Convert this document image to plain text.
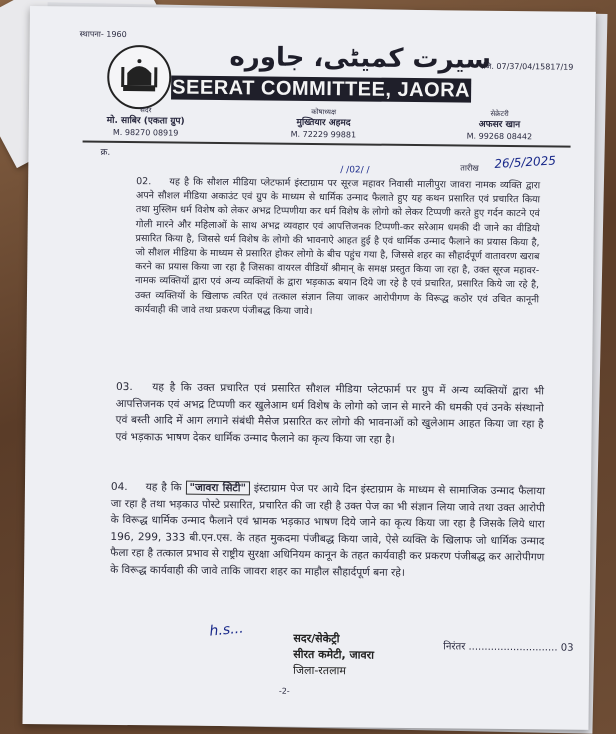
स्थापना- 1960
रजि. 07/37/04/15817/19
سیرت کمیٹی، جاوره
SEERAT COMMITTEE, JAORA
सदर
मो. साबिर (एकता ग्रुप)
M. 98270 08919
कोषाध्यक्ष
मुख्तियार अहमद
M. 72229 99881
सेक्रेटरी
अफसर खान
M. 99268 08442
क्र.
तारीख 26/5/2025
/ /02/ /
02. यह है कि सौशल मीडिया प्लेटफार्म इंस्टाग्राम पर सूरज महावर निवासी मालीपुरा जावरा नामक व्यक्ति द्वारा अपने सौशल मीडिया अकाउंट एवं ग्रुप के माध्यम से धार्मिक उन्माद फैलाते हुए यह कथन प्रसारित एवं प्रचारित किया तथा मुस्लिम धर्म विशेष को लेकर अभद्र टिप्पणीया कर धर्म विशेष के लोगो को लेकर टिप्पणी करते हुए गर्दन काटने एवं गोली मारने और महिलाओं के साथ अभद्र व्यवहार एवं आपत्तिजनक टिप्पणी-कर सरेआम धमकी दी जाने का वीडियो प्रसारित किया है, जिससे धर्म विशेष के लोगो की भावनाऐ आहत हुई है एवं धार्मिक उन्माद फैलाने का प्रयास किया है, जो सौशल मीडिया के माध्यम से प्रसारित होकर लोगो के बीच पहुंच गया है, जिससे शहर का सौहार्दपूर्ण वातावरण खराब करने का प्रयास किया जा रहा है जिसका वायरल वीडियों श्रीमान् के समक्ष प्रस्तुत किया जा रहा है, उक्त सूरज महावर-नामक व्यक्तियों द्वारा एवं अन्य व्यक्तियों के द्वारा भड़काऊ बयान दिये जा रहे है एवं प्रचारित, प्रसारित किये जा रहे है, उक्त व्यक्तियों के खिलाफ त्वरित एवं तत्काल संज्ञान लिया जाकर आरोपीगण के विरूद्ध कठोर एवं उचित कानूनी कार्यवाही की जावे तथा प्रकरण पंजीबद्ध किया जावे।
03. यह है कि उक्त प्रचारित एवं प्रसारित सौशल मीडिया प्लेटफार्म पर ग्रुप में अन्य व्यक्तियों द्वारा भी आपत्तिजनक एवं अभद्र टिप्पणी कर खुलेआम धर्म विशेष के लोगो को जान से मारने की धमकी एवं उनके संस्थानो एवं बस्ती आदि में आग लगाने संबंधी मैसेज प्रसारित कर लोगो की भावनाओं को खुलेआम आहत किया जा रहा है एवं भड़काऊ भाषण देकर धार्मिक उन्माद फैलाने का कृत्य किया जा रहा है।
04. यह है कि "जावरा सिटी" इंस्टाग्राम पेज पर आये दिन इंस्टाग्राम के माध्यम से सामाजिक उन्माद फैलाया जा रहा है तथा भड़काउ पोस्टे प्रसारित, प्रचारित की जा रही है उक्त पेज का भी संज्ञान लिया जावे तथा उक्त आरोपी के विरूद्ध धार्मिक उन्माद फैलाने एवं भ्रामक भड़काउ भाषण दिये जाने का कृत्य किया जा रहा है जिसके लिये धारा 196, 299, 333 बी.एन.एस. के तहत मुकदमा पंजीबद्ध किया जावे, ऐसे व्यक्ति के खिलाफ जो धार्मिक उन्माद फैला रहा है तत्काल प्रभाव से राष्ट्रीय सुरक्षा अधिनियम कानून के तहत कार्यवाही कर प्रकरण पंजीबद्ध कर आरोपीगण के विरूद्ध कार्यवाही की जावे ताकि जावरा शहर का माहौल सौहार्दपूर्ण बना रहे।
h.s...	सदर/सेकेट्री
सीरत कमेटी, जावरा
जिला-रतलाम
निरंतर ............................ 03
-2-
